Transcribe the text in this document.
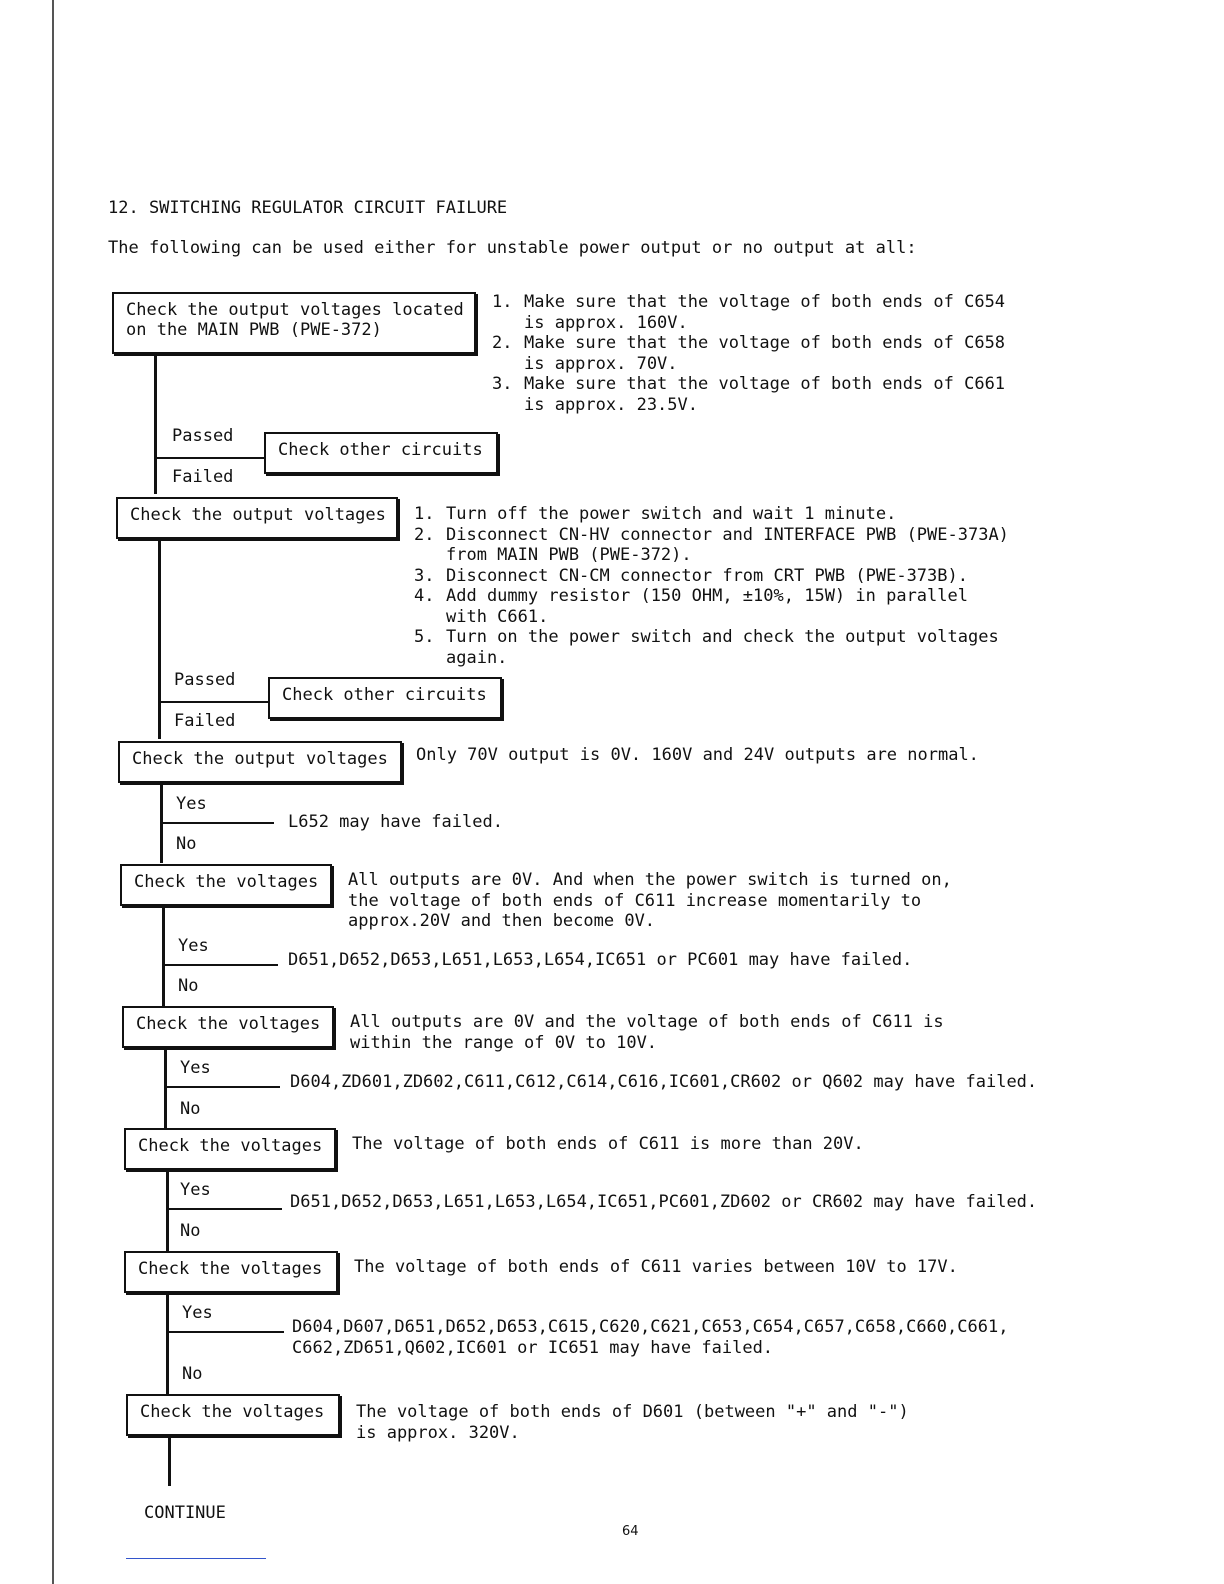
12. SWITCHING REGULATOR CIRCUIT FAILURE
The following can be used either for unstable power output or no output at all:
Check the output voltages located
on the MAIN PWB (PWE-372)
1. Make sure that the voltage of both ends of C654
is approx. 160V.
2. Make sure that the voltage of both ends of C658
is approx. 70V.
3. Make sure that the voltage of both ends of C661
is approx. 23.5V.
Passed
Failed
Check other circuits
Check the output voltages	1. Turn off the power switch and wait 1 minute.
2. Disconnect CN-HV connector and INTERFACE PWB (PWE-373A)
from MAIN PWB (PWE-372).
3. Disconnect CN-CM connector from CRT PWB (PWE-373B).
4. Add dummy resistor (150 OHM, ±10%, 15W) in parallel
with C661.
5. Turn on the power switch and check the output voltages
again.
Passed
Failed
Check other circuits
Check the output voltages	Only 70V output is 0V. 160V and 24V outputs are normal.
Yes
L652 may have failed.
No
Check the voltages	All outputs are 0V. And when the power switch is turned on,
the voltage of both ends of C611 increase momentarily to
approx.20V and then become 0V.
Yes
D651,D652,D653,L651,L653,L654,IC651 or PC601 may have failed.
No
Check the voltages	All outputs are 0V and the voltage of both ends of C611 is
within the range of 0V to 10V.
Yes
D604,ZD601,ZD602,C611,C612,C614,C616,IC601,CR602 or Q602 may have failed.
No
Check the voltages	The voltage of both ends of C611 is more than 20V.
Yes
D651,D652,D653,L651,L653,L654,IC651,PC601,ZD602 or CR602 may have failed.
No
Check the voltages	The voltage of both ends of C611 varies between 10V to 17V.
Yes
D604,D607,D651,D652,D653,C615,C620,C621,C653,C654,C657,C658,C660,C661,
C662,ZD651,Q602,IC601 or IC651 may have failed.
No
Check the voltages	The voltage of both ends of D601 (between "+" and "-")
is approx. 320V.
CONTINUE
64
